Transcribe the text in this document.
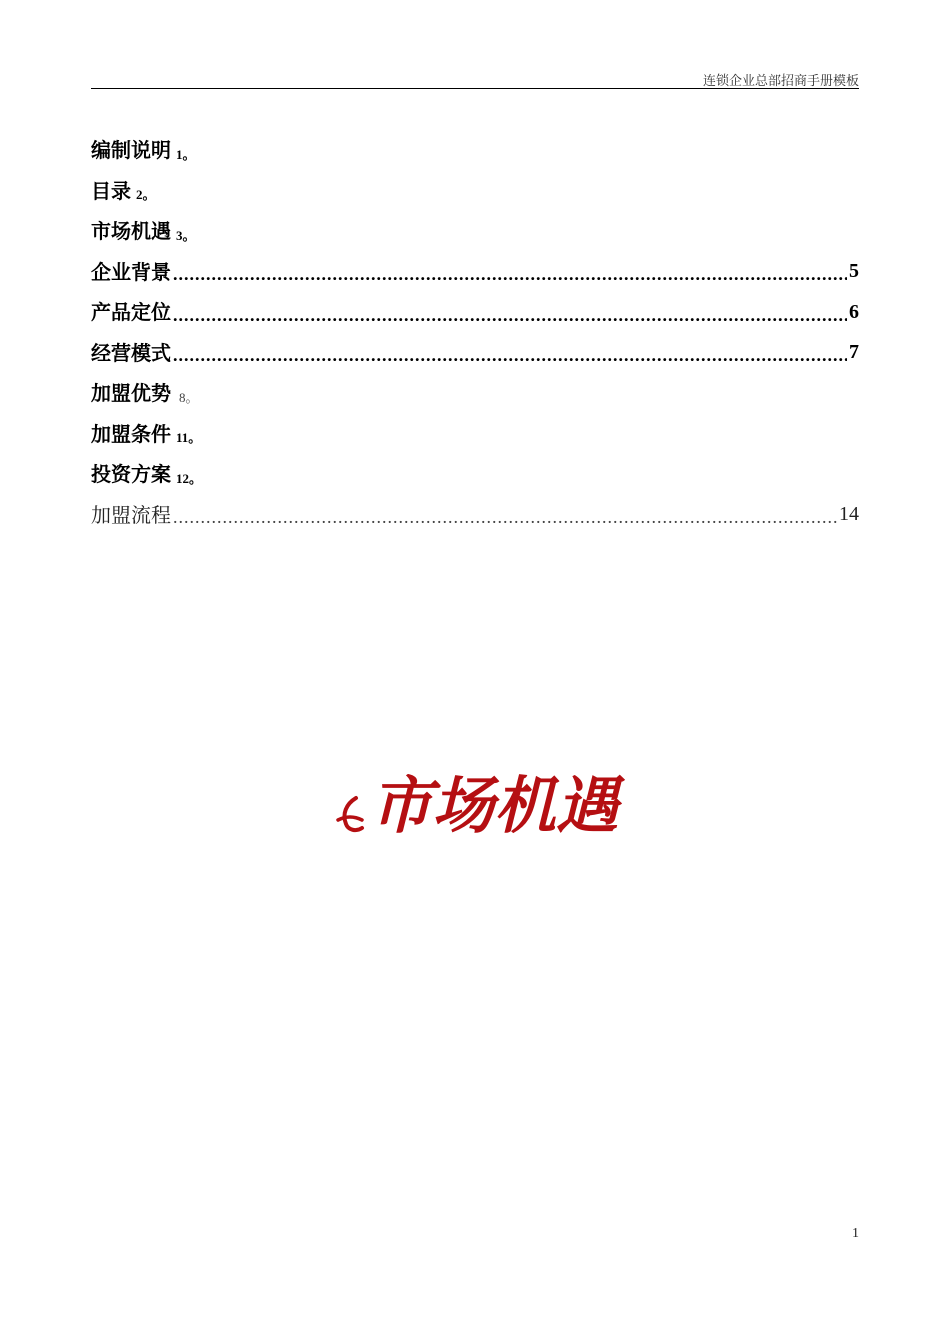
连锁企业总部招商手册模板
编制说明 1。
目录 2。
市场机遇 3。
企业背景 .....	5
产品定位 .....	6
经营模式 .....	7
加盟优势 8。
加盟条件 11。
投资方案 12。
加盟流程 .....	14
市场机遇
1
